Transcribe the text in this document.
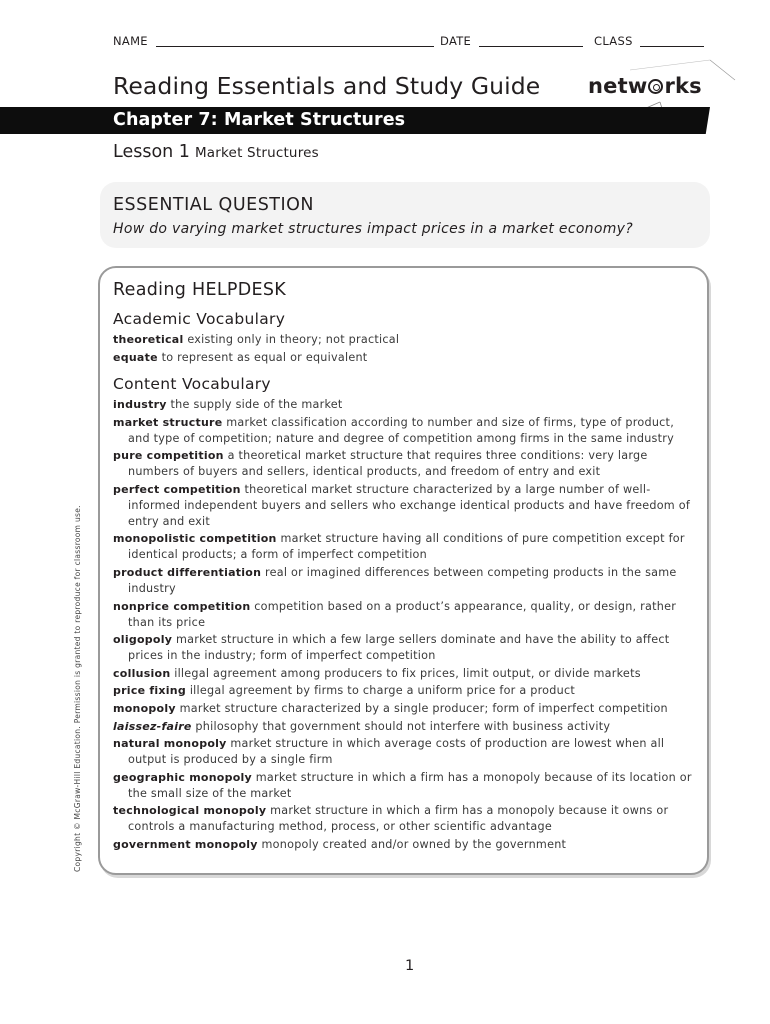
NAME	DATE	CLASS
Reading Essentials and Study Guide netw rks
Chapter 7: Market Structures
Lesson 1 Market Structures
ESSENTIAL QUESTION
How do varying market structures impact prices in a market economy?
Reading HELPDESK
Academic Vocabulary
theoretical existing only in theory; not practical
equate to represent as equal or equivalent
Content Vocabulary
industry the supply side of the market
market structure market classification according to number and size of firms, type of product, and type of competition; nature and degree of competition among firms in the same industry
pure competition a theoretical market structure that requires three conditions: very large numbers of buyers and sellers, identical products, and freedom of entry and exit
perfect competition theoretical market structure characterized by a large number of well-informed independent buyers and sellers who exchange identical products and have freedom of entry and exit
monopolistic competition market structure having all conditions of pure competition except for identical products; a form of imperfect competition
product differentiation real or imagined differences between competing products in the same industry
nonprice competition competition based on a product’s appearance, quality, or design, rather than its price
oligopoly market structure in which a few large sellers dominate and have the ability to affect prices in the industry; form of imperfect competition
collusion illegal agreement among producers to fix prices, limit output, or divide markets
price fixing illegal agreement by firms to charge a uniform price for a product
monopoly market structure characterized by a single producer; form of imperfect competition
laissez-faire philosophy that government should not interfere with business activity
natural monopoly market structure in which average costs of production are lowest when all output is produced by a single firm
geographic monopoly market structure in which a firm has a monopoly because of its location or the small size of the market
technological monopoly market structure in which a firm has a monopoly because it owns or controls a manufacturing method, process, or other scientific advantage
government monopoly monopoly created and/or owned by the government
Copyright © McGraw-Hill Education. Permission is granted to reproduce for classroom use.
1
